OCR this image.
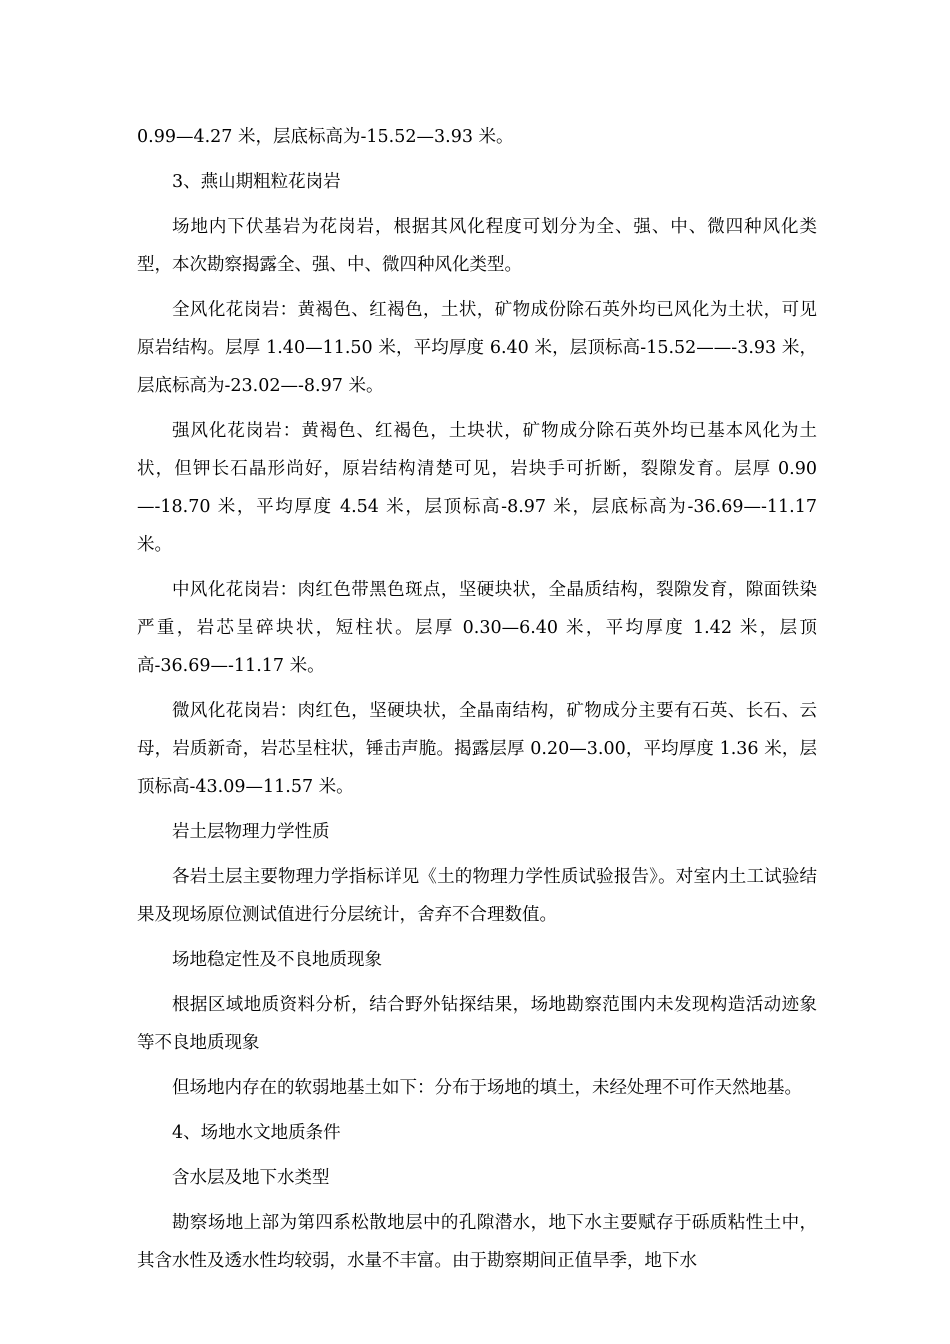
0.99—4.27 米，层底标高为-15.52—3.93 米。

3、燕山期粗粒花岗岩

场地内下伏基岩为花岗岩，根据其风化程度可划分为全、强、中、微四种风化类型，本次勘察揭露全、强、中、微四种风化类型。

全风化花岗岩：黄褐色、红褐色，土状，矿物成份除石英外均已风化为土状，可见原岩结构。层厚 1.40—11.50 米，平均厚度 6.40 米，层顶标高-15.52——-3.93 米，层底标高为-23.02—-8.97 米。

强风化花岗岩：黄褐色、红褐色，土块状，矿物成分除石英外均已基本风化为土状，但钾长石晶形尚好，原岩结构清楚可见，岩块手可折断，裂隙发育。层厚 0.90—-18.70 米，平均厚度 4.54 米，层顶标高-8.97 米，层底标高为-36.69—-11.17 米。

中风化花岗岩：肉红色带黑色斑点，坚硬块状，全晶质结构，裂隙发育，隙面铁染严重，岩芯呈碎块状，短柱状。层厚 0.30—6.40 米，平均厚度 1.42 米，层顶高-36.69—-11.17 米。

微风化花岗岩：肉红色，坚硬块状，全晶南结构，矿物成分主要有石英、长石、云母，岩质新奇，岩芯呈柱状，锤击声脆。揭露层厚 0.20—3.00，平均厚度 1.36 米，层顶标高-43.09—11.57 米。

岩土层物理力学性质

各岩土层主要物理力学指标详见《土的物理力学性质试验报告》。对室内土工试验结果及现场原位测试值进行分层统计，舍弃不合理数值。

场地稳定性及不良地质现象

根据区域地质资料分析，结合野外钻探结果，场地勘察范围内未发现构造活动迹象等不良地质现象

但场地内存在的软弱地基土如下：分布于场地的填土，未经处理不可作天然地基。

4、场地水文地质条件

含水层及地下水类型

勘察场地上部为第四系松散地层中的孔隙潜水，地下水主要赋存于砾质粘性土中，其含水性及透水性均较弱，水量不丰富。由于勘察期间正值旱季，地下水
